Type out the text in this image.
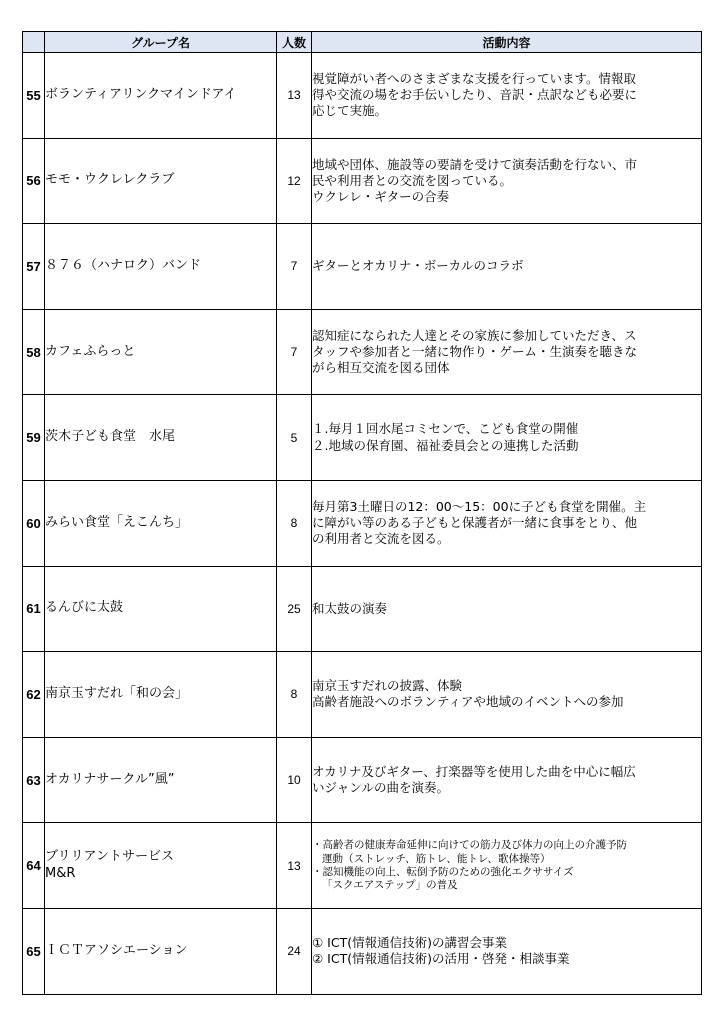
	グループ名	人数	活動内容
55	ボランティアリンクマインドアイ	13	視覚障がい者へのさまざまな支援を行っています。情報取
得や交流の場をお手伝いしたり、音訳・点訳なども必要に
応じて実施。

56	モモ・ウクレレクラブ	12	地域や団体、施設等の要請を受けて演奏活動を行ない、市
民や利用者との交流を図っている。
ウクレレ・ギターの合奏

57	８７６（ハナロク）バンド	7	ギターとオカリナ・ボーカルのコラボ

58	カフェふらっと	7	認知症になられた人達とその家族に参加していただき、ス
タッフや参加者と一緒に物作り・ゲーム・生演奏を聴きな
がら相互交流を図る団体

59	茨木子ども食堂　水尾	5	１.毎月１回水尾コミセンで、こども食堂の開催
２.地域の保育園、福祉委員会との連携した活動

60	みらい食堂「えこんち」	8	毎月第3土曜日の12：00～15：00に子ども食堂を開催。主
に障がい等のある子どもと保護者が一緒に食事をとり、他
の利用者と交流を図る。

61	るんびに太鼓	25	和太鼓の演奏

62	南京玉すだれ「和の会」	8	南京玉すだれの披露、体験
高齢者施設へのボランティアや地域のイベントへの参加

63	オカリナサークル”風”	10	オカリナ及びギター、打楽器等を使用した曲を中心に幅広
いジャンルの曲を演奏。

64	ブリリアントサービス
M&R	13	・高齢者の健康寿命延伸に向けての筋力及び体力の向上の介護予防
運動（ストレッチ、筋トレ、能トレ、歌体操等）
・認知機能の向上、転倒予防のための強化エクササイズ
「スクエアステップ」の普及

65	ＩＣＴアソシエーション	24	① ICT(情報通信技術)の講習会事業
② ICT(情報通信技術)の活用・啓発・相談事業
